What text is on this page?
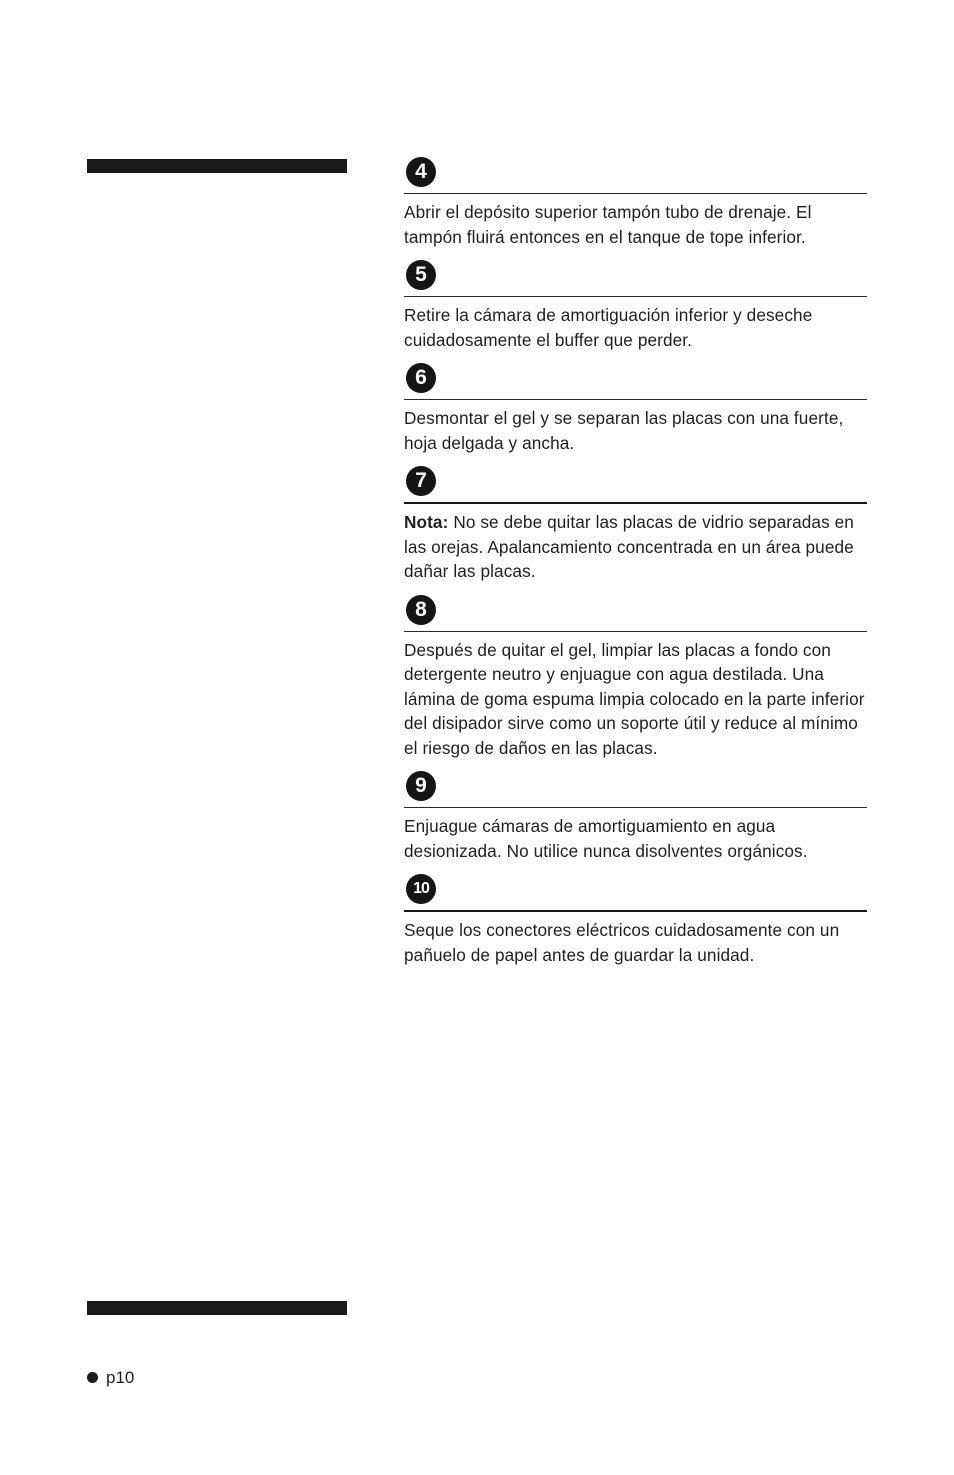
4

Abrir el depósito superior tampón tubo de drenaje. El tampón fluirá entonces en el tanque de tope inferior.

5

Retire la cámara de amortiguación inferior y deseche cuidadosamente el buffer que perder.

6

Desmontar el gel y se separan las placas con una fuerte, hoja delgada y ancha.

7

Nota: No se debe quitar las placas de vidrio separadas en las orejas. Apalancamiento concentrada en un área puede dañar las placas.

8

Después de quitar el gel, limpiar las placas a fondo con detergente neutro y enjuague con agua destilada. Una lámina de goma espuma limpia colocado en la parte inferior del disipador sirve como un soporte útil y reduce al mínimo el riesgo de daños en las placas.

9

Enjuague cámaras de amortiguamiento en agua desionizada. No utilice nunca disolventes orgánicos.

10

Seque los conectores eléctricos cuidadosamente con un pañuelo de papel antes de guardar la unidad.

p10
